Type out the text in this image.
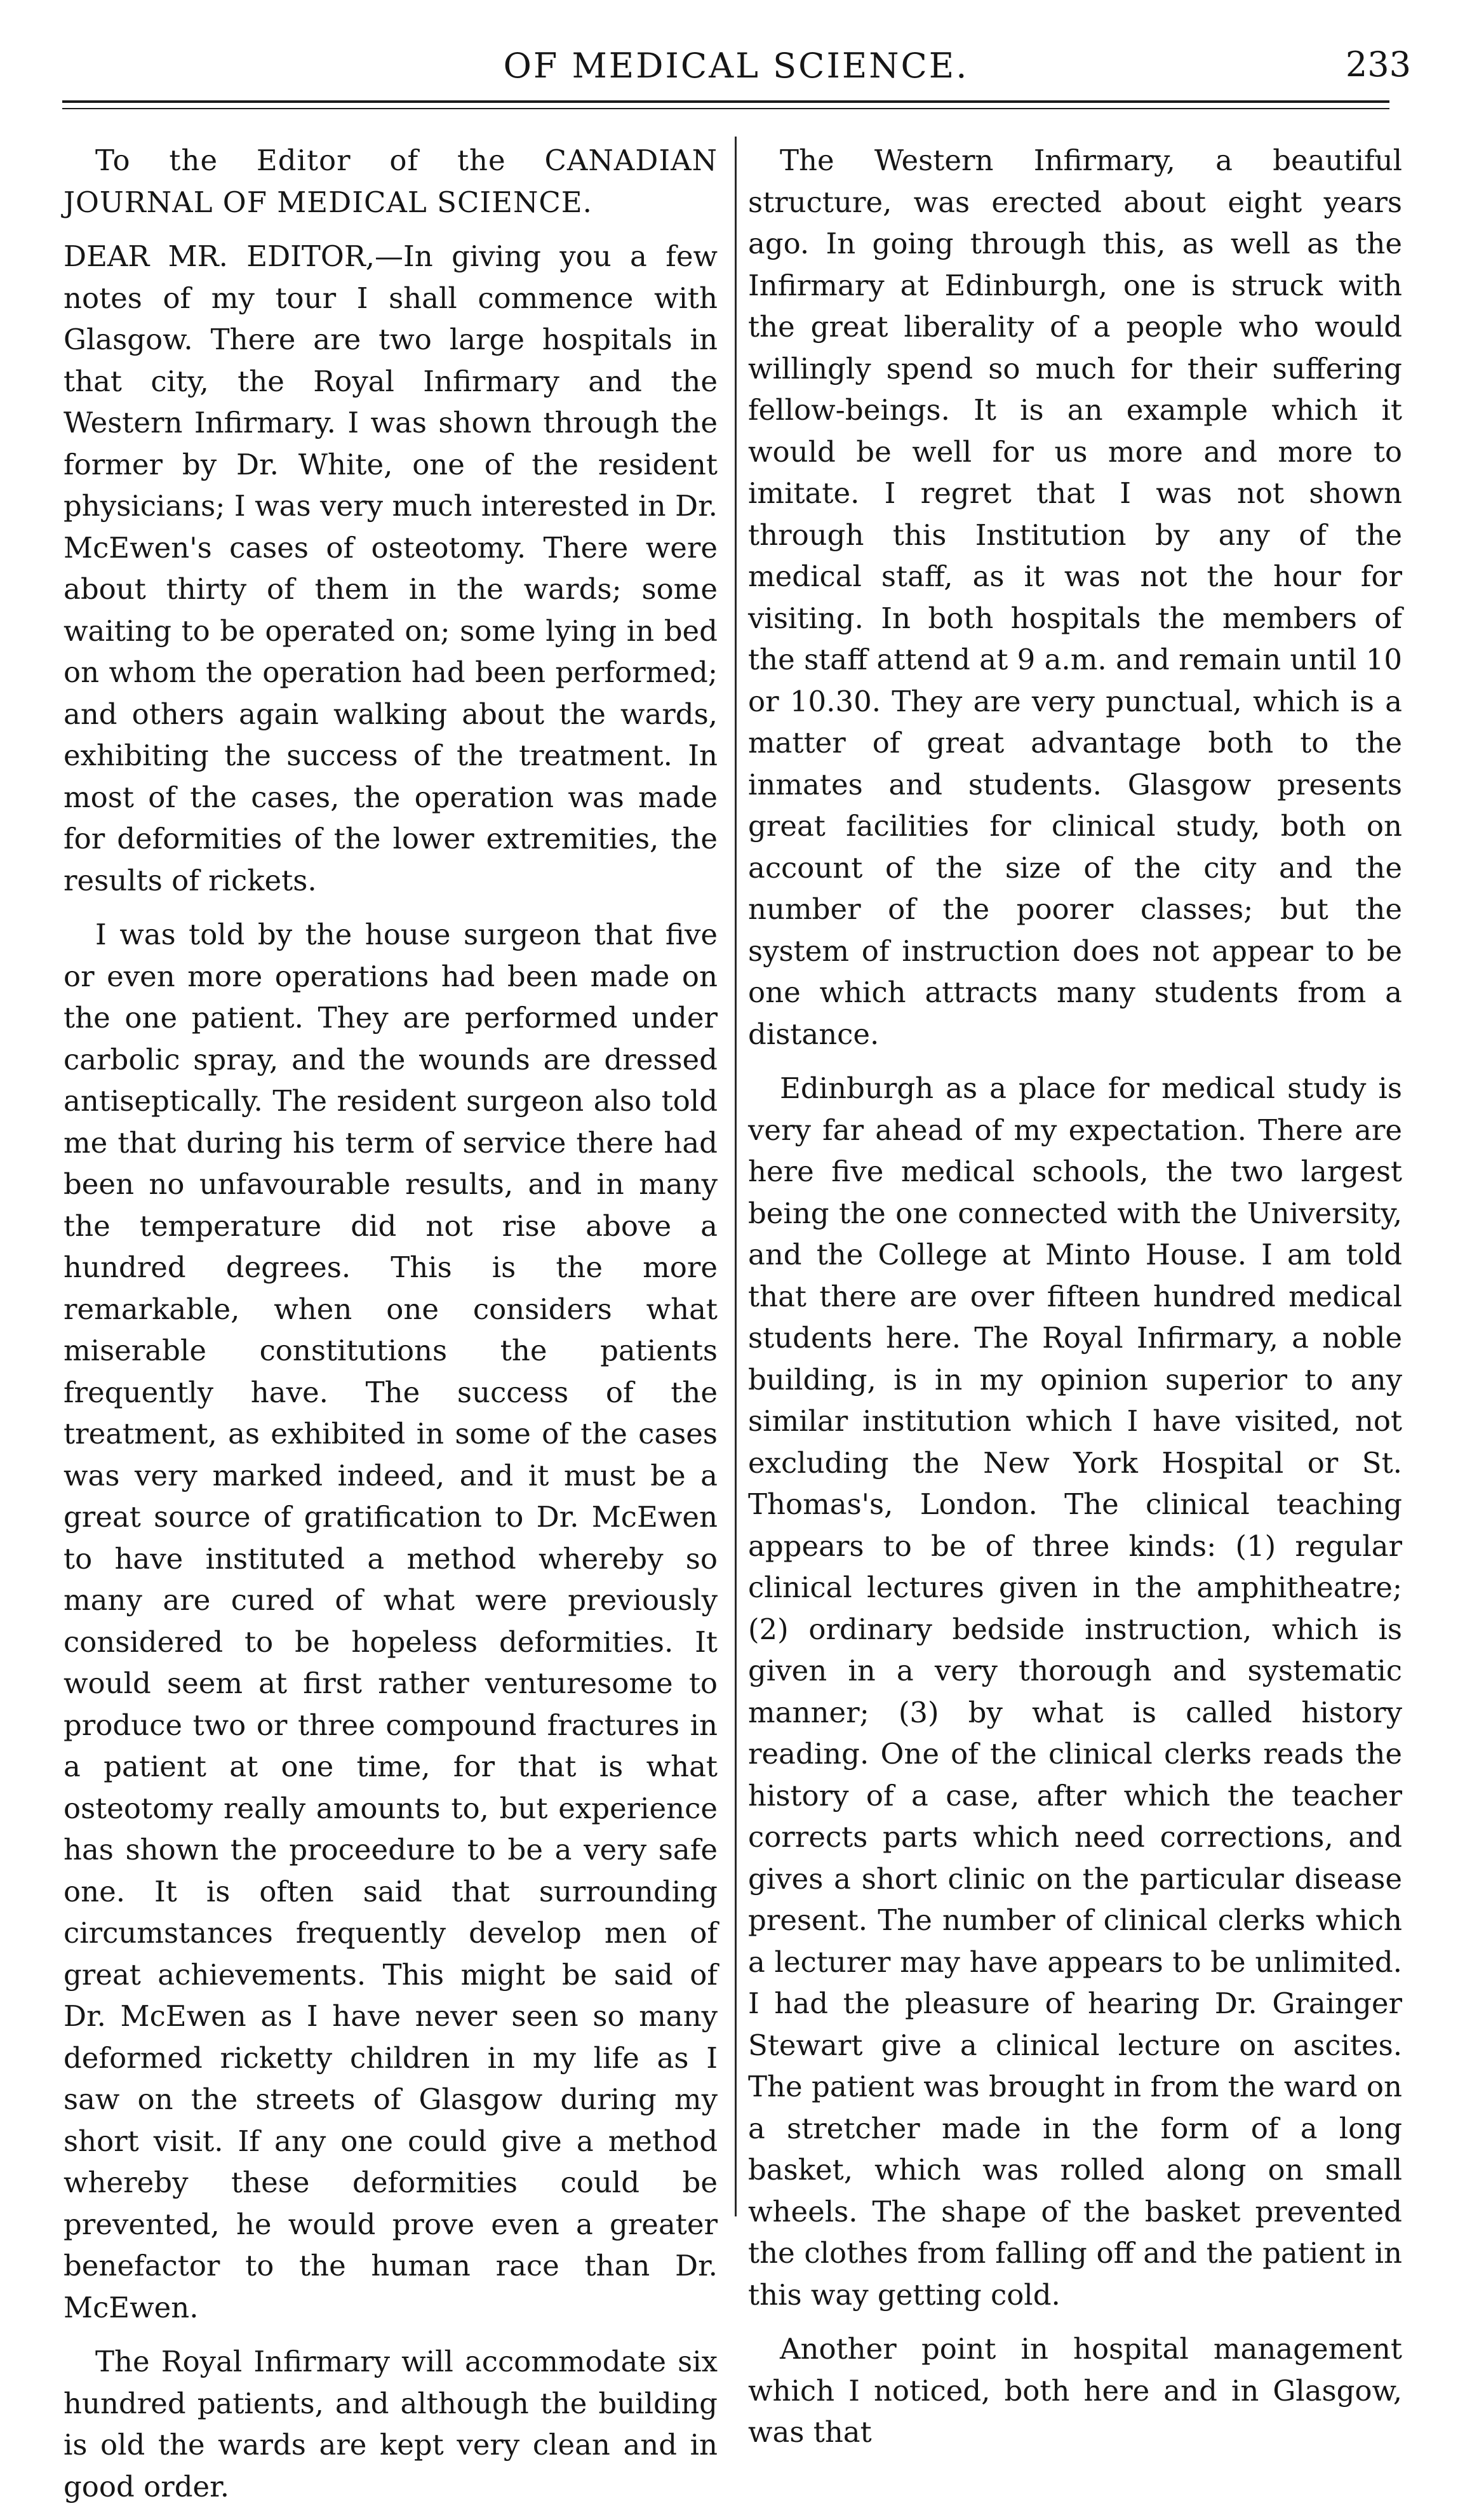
OF MEDICAL SCIENCE.	233

To the Editor of the CANADIAN JOURNAL OF MEDICAL SCIENCE.

DEAR MR. EDITOR,—In giving you a few notes of my tour I shall commence with Glasgow. There are two large hospitals in that city, the Royal Infirmary and the Western Infirmary. I was shown through the former by Dr. White, one of the resident physicians; I was very much interested in Dr. McEwen's cases of osteotomy. There were about thirty of them in the wards; some waiting to be operated on; some lying in bed on whom the operation had been performed; and others again walking about the wards, exhibiting the success of the treatment. In most of the cases, the operation was made for deformities of the lower extremities, the results of rickets.

I was told by the house surgeon that five or even more operations had been made on the one patient. They are performed under carbolic spray, and the wounds are dressed antiseptically. The resident surgeon also told me that during his term of service there had been no unfavourable results, and in many the temperature did not rise above a hundred degrees. This is the more remarkable, when one considers what miserable constitutions the patients frequently have. The success of the treatment, as exhibited in some of the cases was very marked indeed, and it must be a great source of gratification to Dr. McEwen to have instituted a method whereby so many are cured of what were previously considered to be hopeless deformities. It would seem at first rather venturesome to produce two or three compound fractures in a patient at one time, for that is what osteotomy really amounts to, but experience has shown the proceedure to be a very safe one. It is often said that surrounding circumstances frequently develop men of great achievements. This might be said of Dr. McEwen as I have never seen so many deformed ricketty children in my life as I saw on the streets of Glasgow during my short visit. If any one could give a method whereby these deformities could be prevented, he would prove even a greater benefactor to the human race than Dr. McEwen.

The Royal Infirmary will accommodate six hundred patients, and although the building is old the wards are kept very clean and in good order.

The Western Infirmary, a beautiful structure, was erected about eight years ago. In going through this, as well as the Infirmary at Edinburgh, one is struck with the great liberality of a people who would willingly spend so much for their suffering fellow-beings. It is an example which it would be well for us more and more to imitate. I regret that I was not shown through this Institution by any of the medical staff, as it was not the hour for visiting. In both hospitals the members of the staff attend at 9 a.m. and remain until 10 or 10.30. They are very punctual, which is a matter of great advantage both to the inmates and students. Glasgow presents great facilities for clinical study, both on account of the size of the city and the number of the poorer classes; but the system of instruction does not appear to be one which attracts many students from a distance.

Edinburgh as a place for medical study is very far ahead of my expectation. There are here five medical schools, the two largest being the one connected with the University, and the College at Minto House. I am told that there are over fifteen hundred medical students here. The Royal Infirmary, a noble building, is in my opinion superior to any similar institution which I have visited, not excluding the New York Hospital or St. Thomas's, London. The clinical teaching appears to be of three kinds: (1) regular clinical lectures given in the amphitheatre; (2) ordinary bedside instruction, which is given in a very thorough and systematic manner; (3) by what is called history reading. One of the clinical clerks reads the history of a case, after which the teacher corrects parts which need corrections, and gives a short clinic on the particular disease present. The number of clinical clerks which a lecturer may have appears to be unlimited. I had the pleasure of hearing Dr. Grainger Stewart give a clinical lecture on ascites. The patient was brought in from the ward on a stretcher made in the form of a long basket, which was rolled along on small wheels. The shape of the basket prevented the clothes from falling off and the patient in this way getting cold.

Another point in hospital management which I noticed, both here and in Glasgow, was that
